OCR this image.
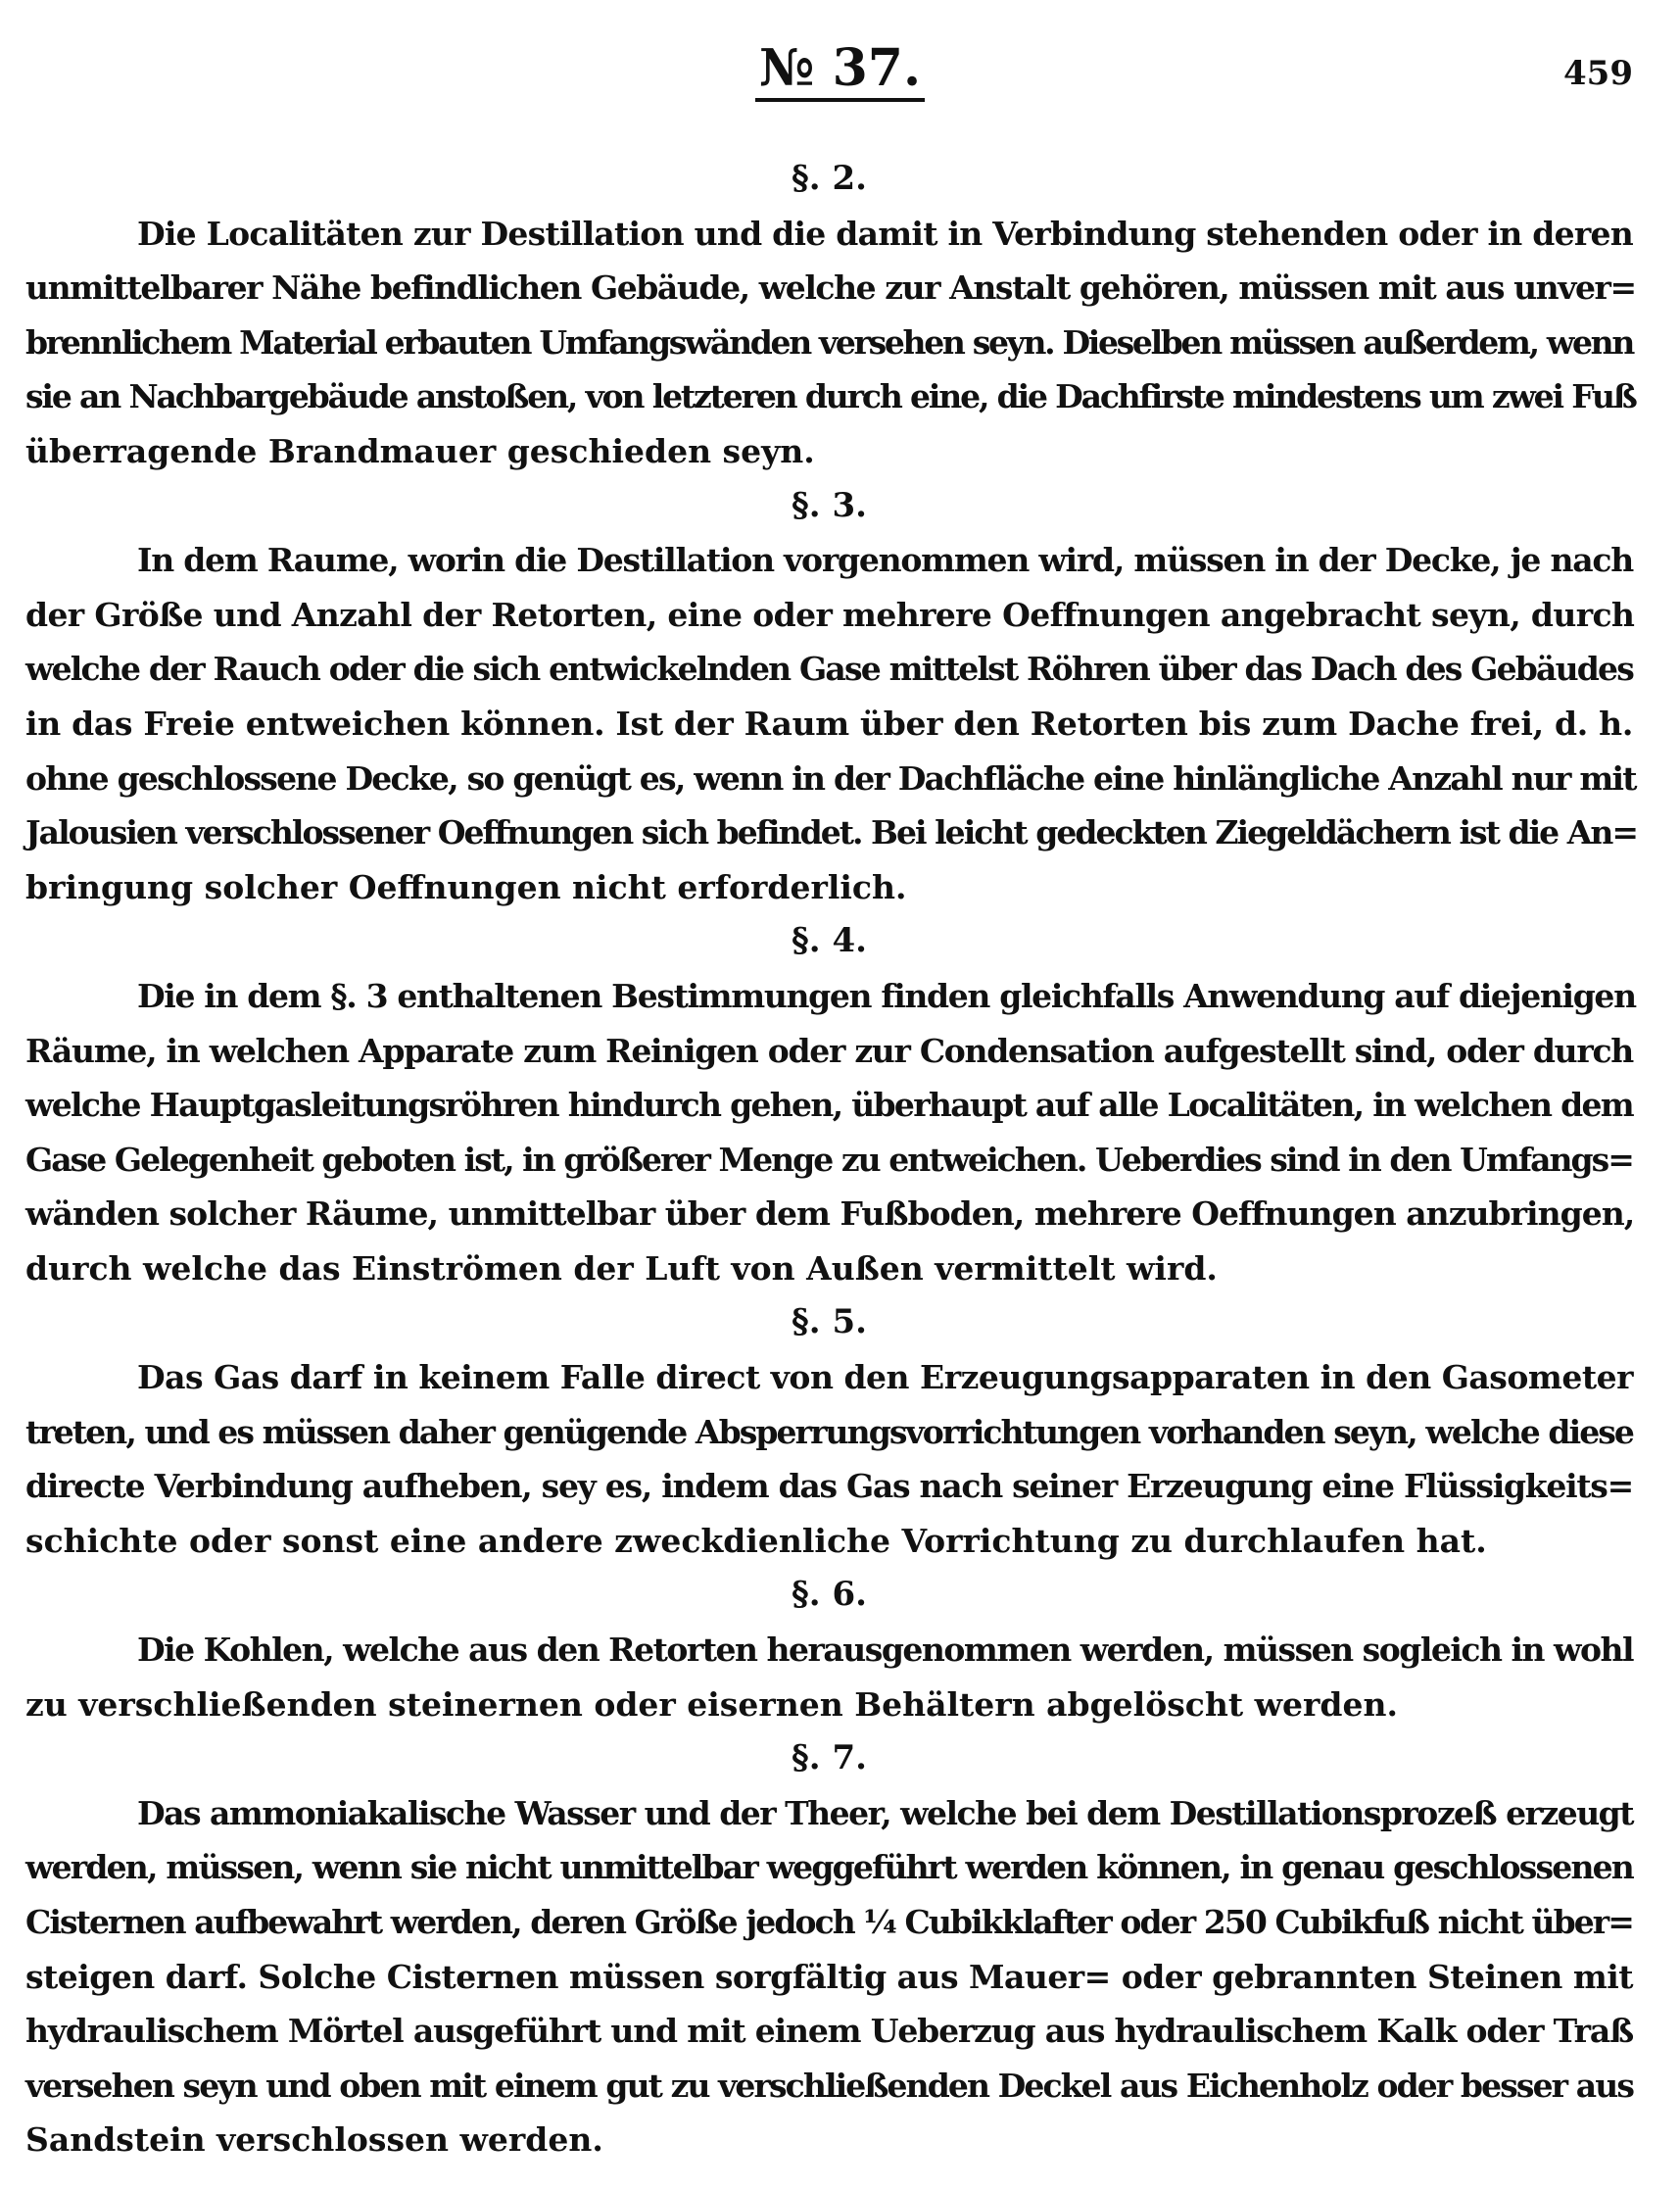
№ 37.	459
§. 2.
Die Localitäten zur Destillation und die damit in Verbindung stehenden oder in deren
unmittelbarer Nähe befindlichen Gebäude, welche zur Anstalt gehören, müssen mit aus unver=
brennlichem Material erbauten Umfangswänden versehen seyn. Dieselben müssen außerdem, wenn
sie an Nachbargebäude anstoßen, von letzteren durch eine, die Dachfirste mindestens um zwei Fuß
überragende Brandmauer geschieden seyn.
§. 3.
In dem Raume, worin die Destillation vorgenommen wird, müssen in der Decke, je nach
der Größe und Anzahl der Retorten, eine oder mehrere Oeffnungen angebracht seyn, durch
welche der Rauch oder die sich entwickelnden Gase mittelst Röhren über das Dach des Gebäudes
in das Freie entweichen können. Ist der Raum über den Retorten bis zum Dache frei, d. h.
ohne geschlossene Decke, so genügt es, wenn in der Dachfläche eine hinlängliche Anzahl nur mit
Jalousien verschlossener Oeffnungen sich befindet. Bei leicht gedeckten Ziegeldächern ist die An=
bringung solcher Oeffnungen nicht erforderlich.
§. 4.
Die in dem §. 3 enthaltenen Bestimmungen finden gleichfalls Anwendung auf diejenigen
Räume, in welchen Apparate zum Reinigen oder zur Condensation aufgestellt sind, oder durch
welche Hauptgasleitungsröhren hindurch gehen, überhaupt auf alle Localitäten, in welchen dem
Gase Gelegenheit geboten ist, in größerer Menge zu entweichen. Ueberdies sind in den Umfangs=
wänden solcher Räume, unmittelbar über dem Fußboden, mehrere Oeffnungen anzubringen,
durch welche das Einströmen der Luft von Außen vermittelt wird.
§. 5.
Das Gas darf in keinem Falle direct von den Erzeugungsapparaten in den Gasometer
treten, und es müssen daher genügende Absperrungsvorrichtungen vorhanden seyn, welche diese
directe Verbindung aufheben, sey es, indem das Gas nach seiner Erzeugung eine Flüssigkeits=
schichte oder sonst eine andere zweckdienliche Vorrichtung zu durchlaufen hat.
§. 6.
Die Kohlen, welche aus den Retorten herausgenommen werden, müssen sogleich in wohl
zu verschließenden steinernen oder eisernen Behältern abgelöscht werden.
§. 7.
Das ammoniakalische Wasser und der Theer, welche bei dem Destillationsprozeß erzeugt
werden, müssen, wenn sie nicht unmittelbar weggeführt werden können, in genau geschlossenen
Cisternen aufbewahrt werden, deren Größe jedoch ¼ Cubikklafter oder 250 Cubikfuß nicht über=
steigen darf. Solche Cisternen müssen sorgfältig aus Mauer= oder gebrannten Steinen mit
hydraulischem Mörtel ausgeführt und mit einem Ueberzug aus hydraulischem Kalk oder Traß
versehen seyn und oben mit einem gut zu verschließenden Deckel aus Eichenholz oder besser aus
Sandstein verschlossen werden.
